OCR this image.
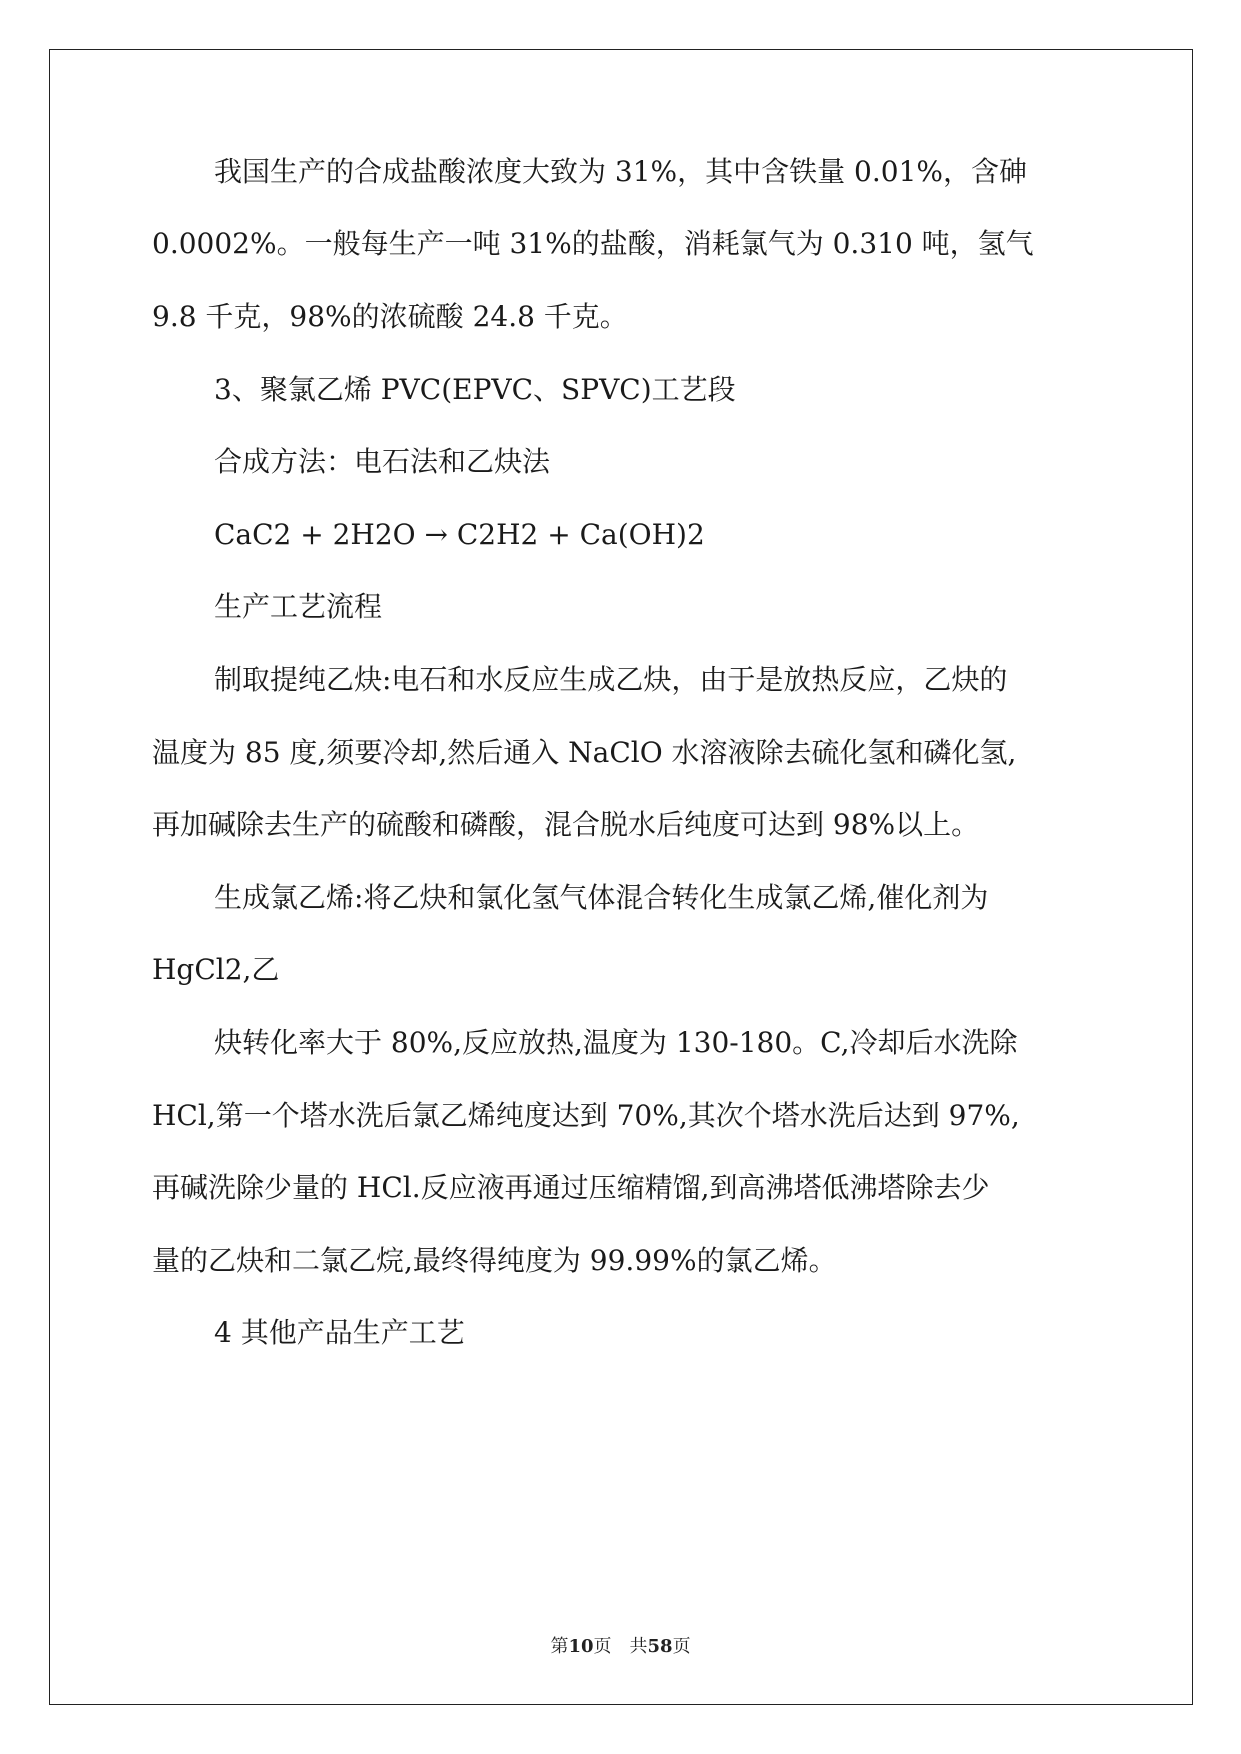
我国生产的合成盐酸浓度大致为 31%，其中含铁量 0.01%，含砷
0.0002%。一般每生产一吨 31%的盐酸，消耗氯气为 0.310 吨，氢气
9.8 千克，98%的浓硫酸 24.8 千克。
3、聚氯乙烯 PVC(EPVC、SPVC)工艺段
合成方法：电石法和乙炔法
CaC2 + 2H2O → C2H2 + Ca(OH)2
生产工艺流程
制取提纯乙炔:电石和水反应生成乙炔，由于是放热反应，乙炔的
温度为 85 度,须要冷却,然后通入 NaClO 水溶液除去硫化氢和磷化氢,
再加碱除去生产的硫酸和磷酸，混合脱水后纯度可达到 98%以上。
生成氯乙烯:将乙炔和氯化氢气体混合转化生成氯乙烯,催化剂为
HgCl2,乙
炔转化率大于 80%,反应放热,温度为 130-180。C,冷却后水洗除
HCl,第一个塔水洗后氯乙烯纯度达到 70%,其次个塔水洗后达到 97%,
再碱洗除少量的 HCl.反应液再通过压缩精馏,到高沸塔低沸塔除去少
量的乙炔和二氯乙烷,最终得纯度为 99.99%的氯乙烯。
4 其他产品生产工艺
第10页　共58页
